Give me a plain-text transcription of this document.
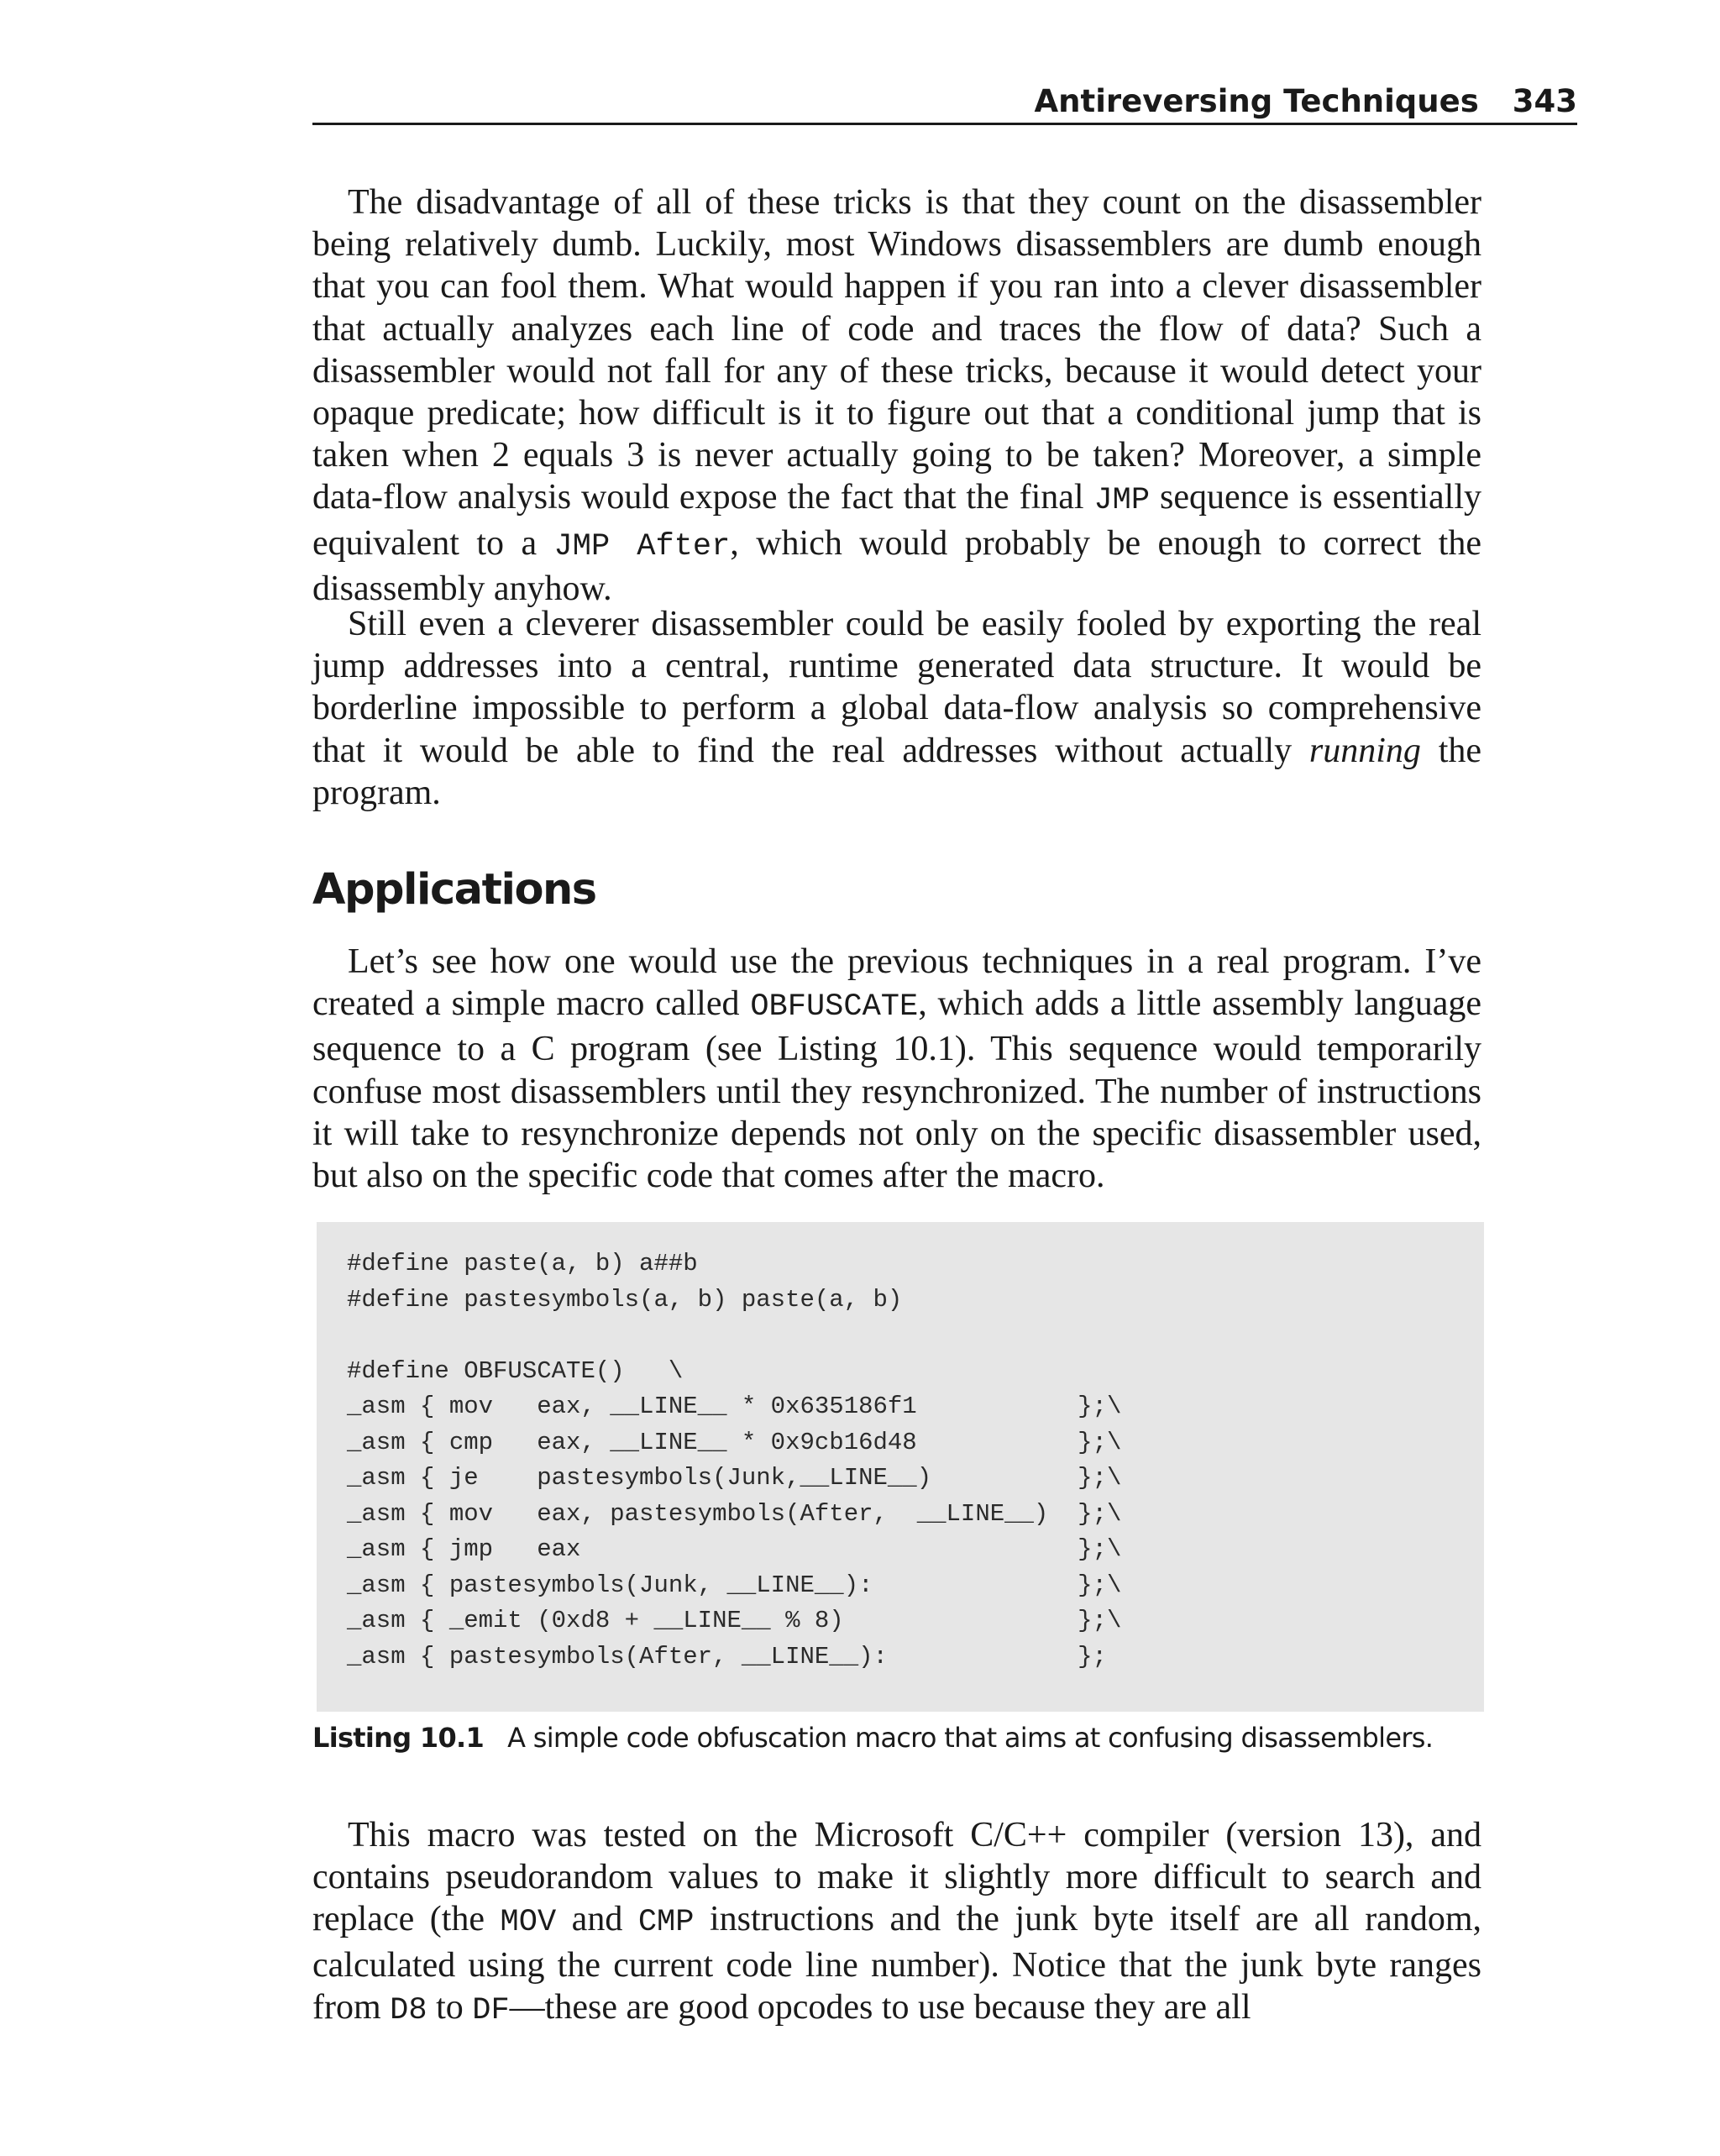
Antireversing Techniques 343

The disadvantage of all of these tricks is that they count on the disassembler being relatively dumb. Luckily, most Windows disassemblers are dumb enough that you can fool them. What would happen if you ran into a clever disassembler that actually analyzes each line of code and traces the flow of data? Such a disassembler would not fall for any of these tricks, because it would detect your opaque predicate; how difficult is it to figure out that a conditional jump that is taken when 2 equals 3 is never actually going to be taken? Moreover, a simple data-flow analysis would expose the fact that the final JMP sequence is essentially equivalent to a JMP After, which would probably be enough to correct the disassembly anyhow.

Still even a cleverer disassembler could be easily fooled by exporting the real jump addresses into a central, runtime generated data structure. It would be borderline impossible to perform a global data-flow analysis so comprehensive that it would be able to find the real addresses without actually running the program.

Applications

Let’s see how one would use the previous techniques in a real program. I’ve created a simple macro called OBFUSCATE, which adds a little assembly language sequence to a C program (see Listing 10.1). This sequence would temporarily confuse most disassemblers until they resynchronized. The number of instructions it will take to resynchronize depends not only on the specific disassembler used, but also on the specific code that comes after the macro.

#define paste(a, b) a##b
#define pastesymbols(a, b) paste(a, b)
#define OBFUSCATE()   \
_asm { mov   eax, __LINE__ * 0x635186f1           };\
_asm { cmp   eax, __LINE__ * 0x9cb16d48           };\
_asm { je    pastesymbols(Junk,__LINE__)          };\
_asm { mov   eax, pastesymbols(After,  __LINE__)  };\
_asm { jmp   eax                                  };\
_asm { pastesymbols(Junk, __LINE__):              };\
_asm { _emit (0xd8 + __LINE__ % 8)                };\
_asm { pastesymbols(After, __LINE__):             };
Listing 10.1 A simple code obfuscation macro that aims at confusing disassemblers.

This macro was tested on the Microsoft C/C++ compiler (version 13), and contains pseudorandom values to make it slightly more difficult to search and replace (the MOV and CMP instructions and the junk byte itself are all random, calculated using the current code line number). Notice that the junk byte ranges from D8 to DF—these are good opcodes to use because they are all
